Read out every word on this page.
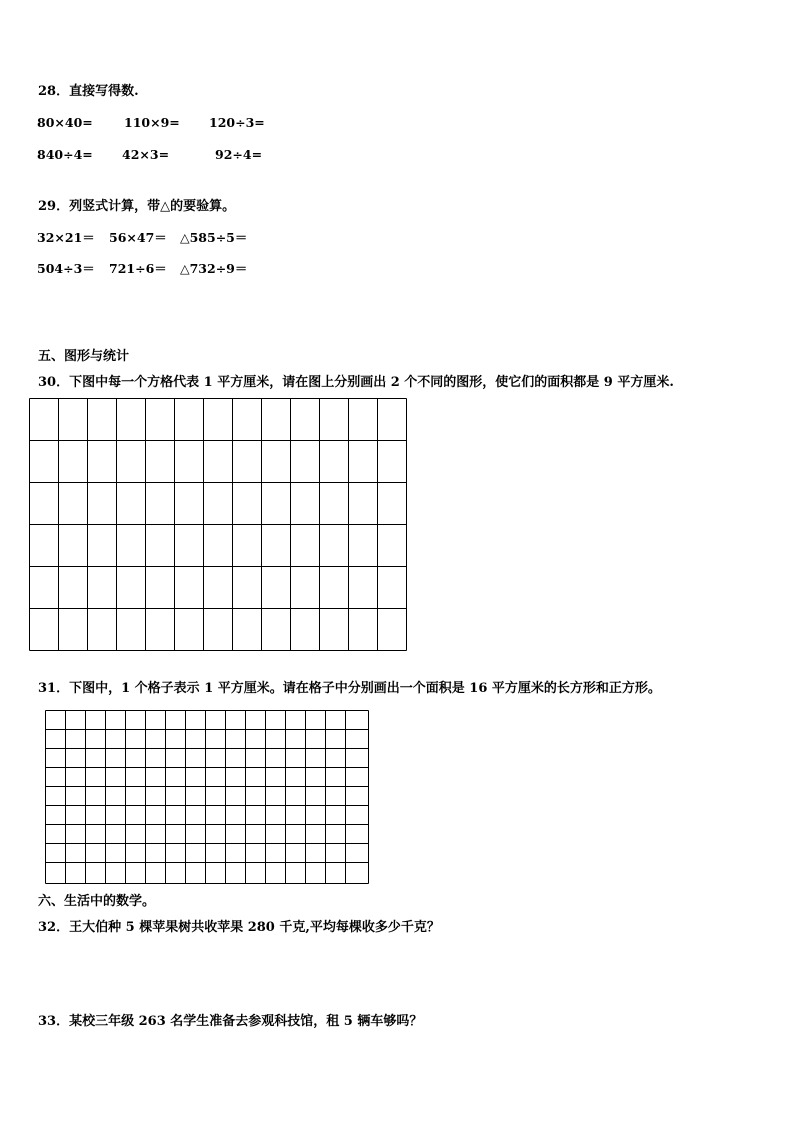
28．直接写得数.
80×40=	110×9= 120÷3=
840÷4= 42×3=	92÷4=
29．列竖式计算，带△的要验算。
32×21＝ 56×47＝ △585÷5＝
504÷3＝ 721÷6＝ △732÷9＝
五、图形与统计
30．下图中每一个方格代表 1 平方厘米，请在图上分别画出 2 个不同的图形，使它们的面积都是 9 平方厘米.
31．下图中，1 个格子表示 1 平方厘米。请在格子中分别画出一个面积是 16 平方厘米的长方形和正方形。
六、生活中的数学。
32．王大伯种 5 棵苹果树共收苹果 280 千克,平均每棵收多少千克？
33．某校三年级 263 名学生准备去参观科技馆，租 5 辆车够吗？
